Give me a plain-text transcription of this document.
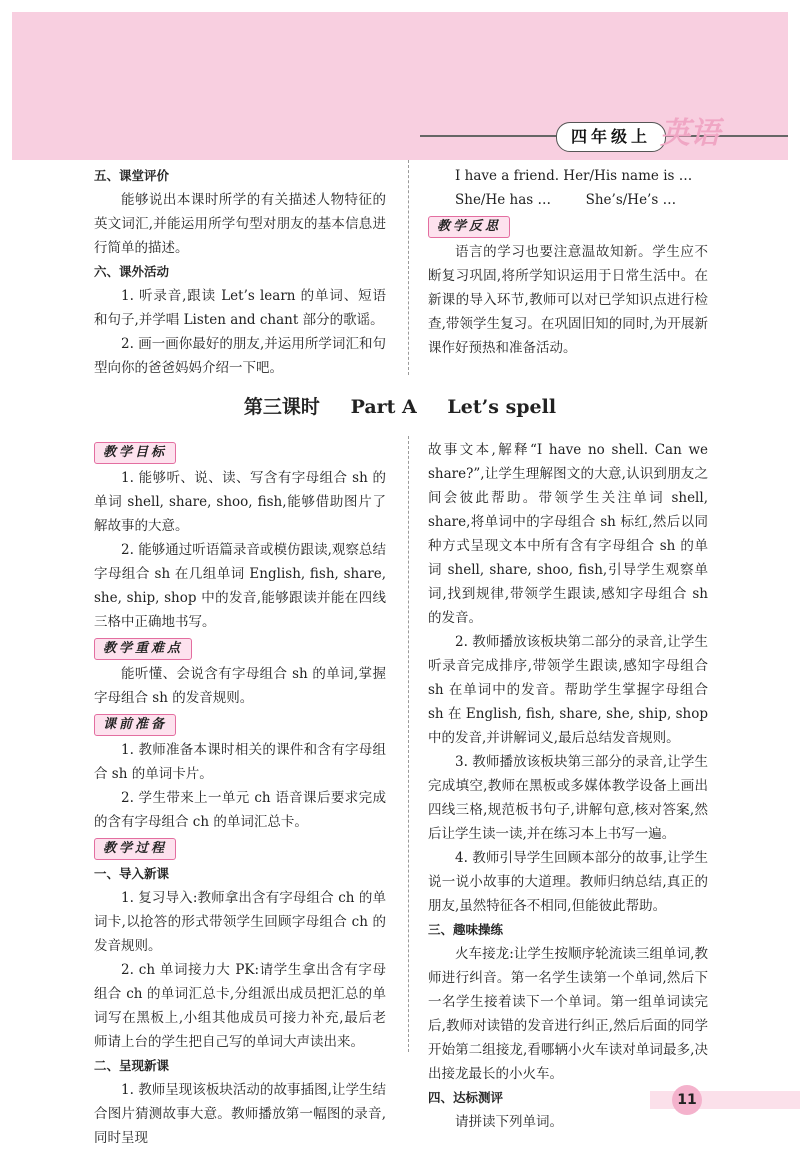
四年级上 英语

五、课堂评价

能够说出本课时所学的有关描述人物特征的英文词汇,并能运用所学句型对朋友的基本信息进行简单的描述。

六、课外活动

1. 听录音,跟读 Let’s learn 的单词、短语和句子,并学唱 Listen and chant 部分的歌谣。

2. 画一画你最好的朋友,并运用所学词汇和句型向你的爸爸妈妈介绍一下吧。

I have a friend. Her/His name is …

She/He has …	She’s/He’s …

教学反思

语言的学习也要注意温故知新。学生应不断复习巩固,将所学知识运用于日常生活中。在新课的导入环节,教师可以对已学知识点进行检查,带领学生复习。在巩固旧知的同时,为开展新课作好预热和准备活动。

第三课时 Part A Let’s spell
教学目标

1. 能够听、说、读、写含有字母组合 sh 的单词 shell, share, shoo, fish,能够借助图片了解故事的大意。

2. 能够通过听语篇录音或模仿跟读,观察总结字母组合 sh 在几组单词 English, fish, share, she, ship, shop 中的发音,能够跟读并能在四线三格中正确地书写。

教学重难点

能听懂、会说含有字母组合 sh 的单词,掌握字母组合 sh 的发音规则。

课前准备

1. 教师准备本课时相关的课件和含有字母组合 sh 的单词卡片。

2. 学生带来上一单元 ch 语音课后要求完成的含有字母组合 ch 的单词汇总卡。

教学过程

一、导入新课

1. 复习导入:教师拿出含有字母组合 ch 的单词卡,以抢答的形式带领学生回顾字母组合 ch 的发音规则。

2. ch 单词接力大 PK:请学生拿出含有字母组合 ch 的单词汇总卡,分组派出成员把汇总的单词写在黑板上,小组其他成员可接力补充,最后老师请上台的学生把自己写的单词大声读出来。

二、呈现新课

1. 教师呈现该板块活动的故事插图,让学生结合图片猜测故事大意。教师播放第一幅图的录音,同时呈现

故事文本,解释“I have no shell. Can we share?”,让学生理解图文的大意,认识到朋友之间会彼此帮助。带领学生关注单词 shell, share,将单词中的字母组合 sh 标红,然后以同种方式呈现文本中所有含有字母组合 sh 的单词 shell, share, shoo, fish,引导学生观察单词,找到规律,带领学生跟读,感知字母组合 sh 的发音。

2. 教师播放该板块第二部分的录音,让学生听录音完成排序,带领学生跟读,感知字母组合 sh 在单词中的发音。帮助学生掌握字母组合 sh 在 English, fish, share, she, ship, shop 中的发音,并讲解词义,最后总结发音规则。

3. 教师播放该板块第三部分的录音,让学生完成填空,教师在黑板或多媒体教学设备上画出四线三格,规范板书句子,讲解句意,核对答案,然后让学生读一读,并在练习本上书写一遍。

4. 教师引导学生回顾本部分的故事,让学生说一说小故事的大道理。教师归纳总结,真正的朋友,虽然特征各不相同,但能彼此帮助。

三、趣味操练

火车接龙:让学生按顺序轮流读三组单词,教师进行纠音。第一名学生读第一个单词,然后下一名学生接着读下一个单词。第一组单词读完后,教师对读错的发音进行纠正,然后后面的同学开始第二组接龙,看哪辆小火车读对单词最多,决出接龙最长的小火车。

四、达标测评

请拼读下列单词。

11
